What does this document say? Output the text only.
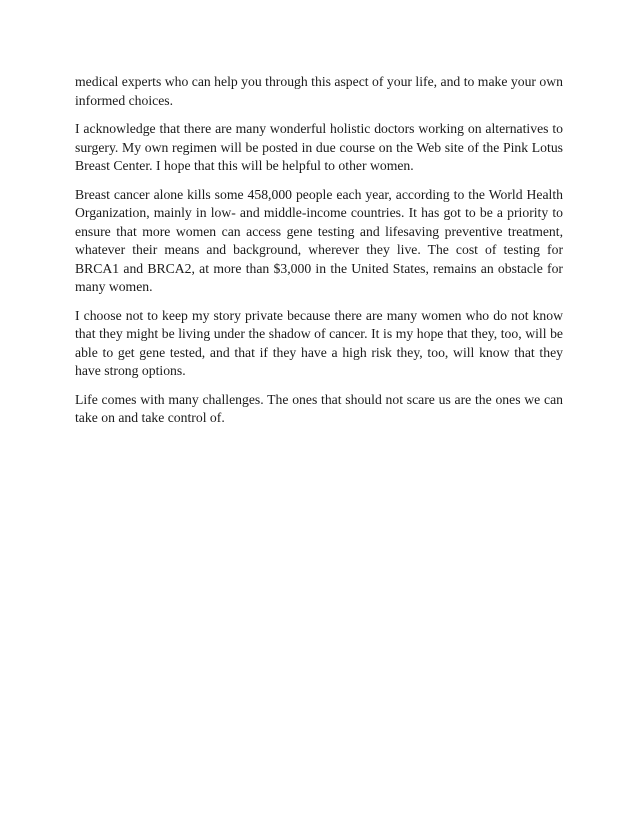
medical experts who can help you through this aspect of your life, and to make your own informed choices.

I acknowledge that there are many wonderful holistic doctors working on alternatives to surgery. My own regimen will be posted in due course on the Web site of the Pink Lotus Breast Center. I hope that this will be helpful to other women.

Breast cancer alone kills some 458,000 people each year, according to the World Health Organization, mainly in low- and middle-income countries. It has got to be a priority to ensure that more women can access gene testing and lifesaving preventive treatment, whatever their means and background, wherever they live. The cost of testing for BRCA1 and BRCA2, at more than $3,000 in the United States, remains an obstacle for many women.

I choose not to keep my story private because there are many women who do not know that they might be living under the shadow of cancer. It is my hope that they, too, will be able to get gene tested, and that if they have a high risk they, too, will know that they have strong options.

Life comes with many challenges. The ones that should not scare us are the ones we can take on and take control of.
